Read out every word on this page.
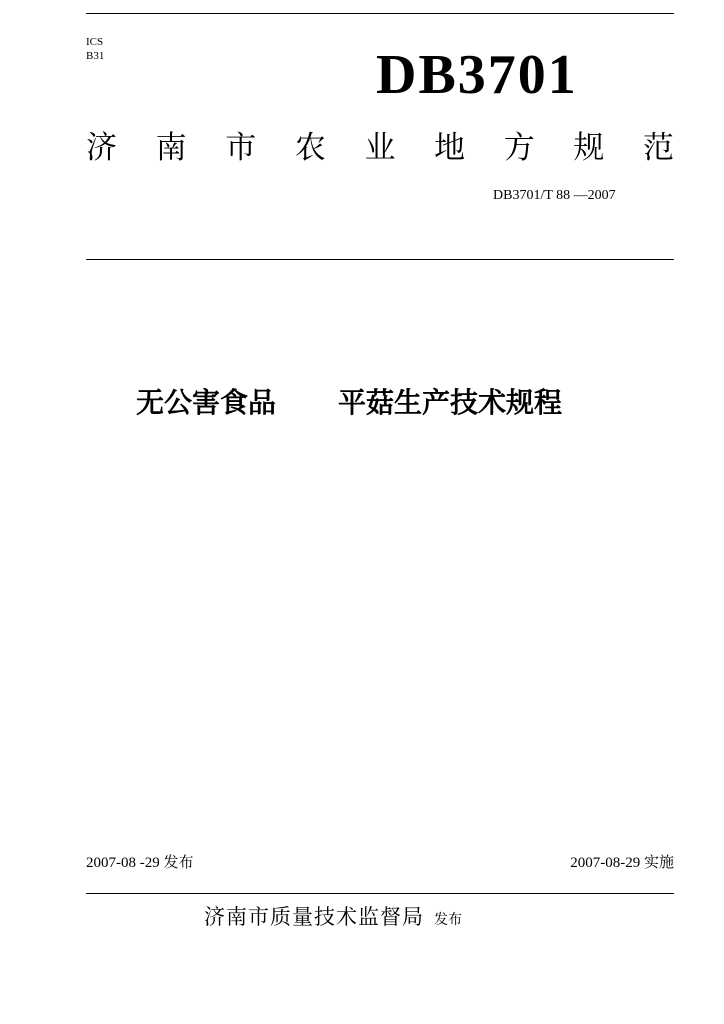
ICS
B31	DB3701
济 南 市 农 业 地 方 规 范
DB3701/T 88 —2007
无公害食品 平菇生产技术规程
2007-08 -29 发布	2007-08-29 实施
济南市质量技术监督局 发布
